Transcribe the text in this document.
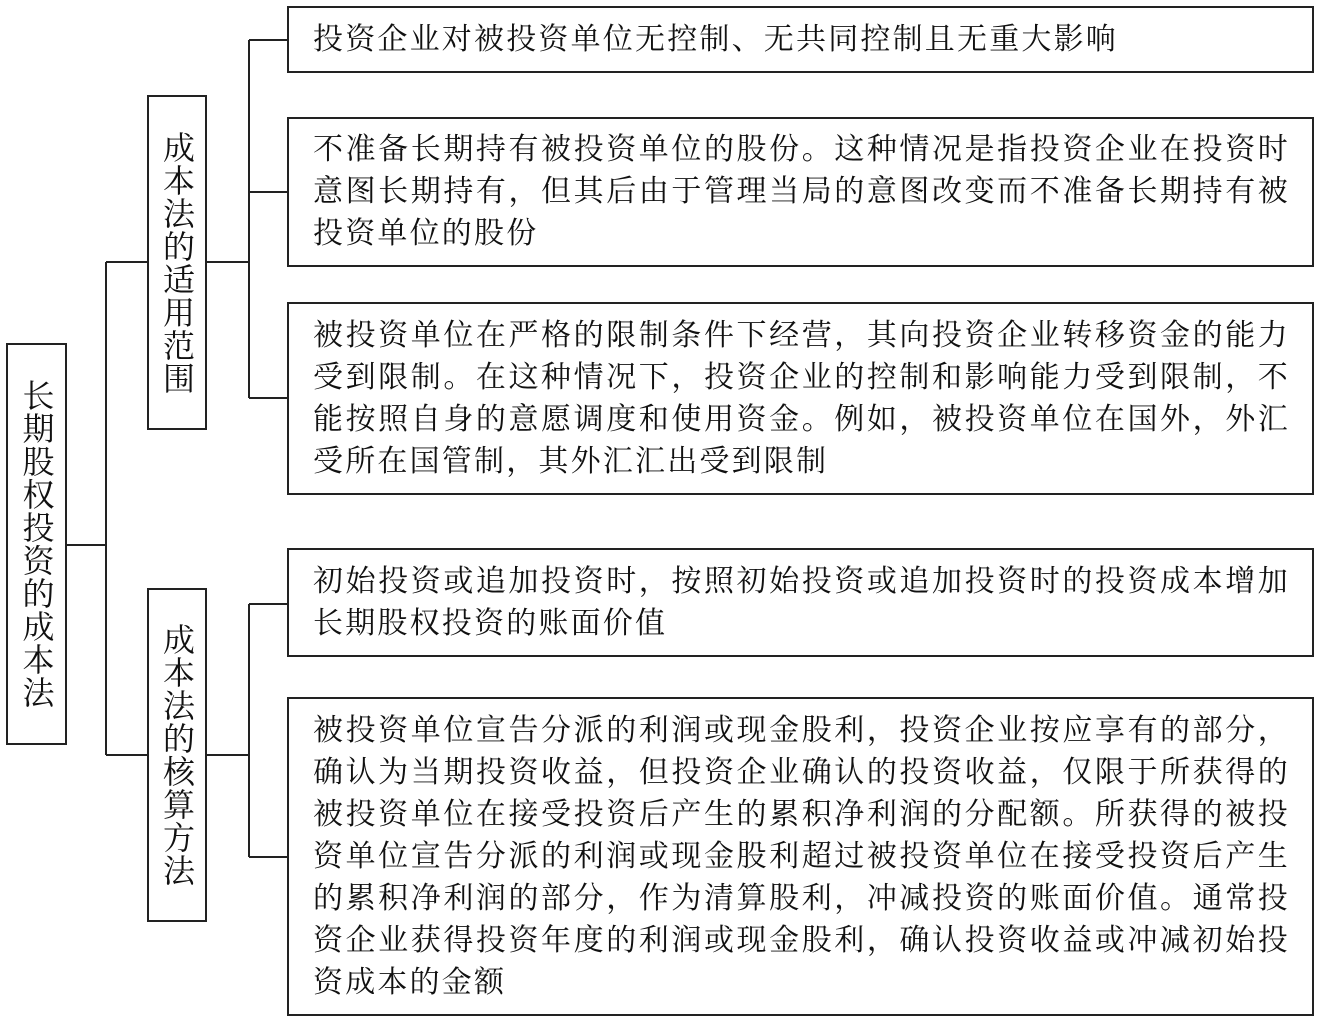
长期股权投资的成本法
成本法的适用范围
成本法的核算方法
投资企业对被投资单位无控制、无共同控制且无重大影响
不准备长期持有被投资单位的股份。这种情况是指投资企业在投资时意图长期持有，但其后由于管理当局的意图改变而不准备长期持有被投资单位的股份
被投资单位在严格的限制条件下经营，其向投资企业转移资金的能力受到限制。在这种情况下，投资企业的控制和影响能力受到限制，不能按照自身的意愿调度和使用资金。例如，被投资单位在国外，外汇受所在国管制，其外汇汇出受到限制
初始投资或追加投资时，按照初始投资或追加投资时的投资成本增加长期股权投资的账面价值
被投资单位宣告分派的利润或现金股利，投资企业按应享有的部分，确认为当期投资收益，但投资企业确认的投资收益，仅限于所获得的被投资单位在接受投资后产生的累积净利润的分配额。所获得的被投资单位宣告分派的利润或现金股利超过被投资单位在接受投资后产生的累积净利润的部分，作为清算股利，冲减投资的账面价值。通常投资企业获得投资年度的利润或现金股利，确认投资收益或冲减初始投资成本的金额
